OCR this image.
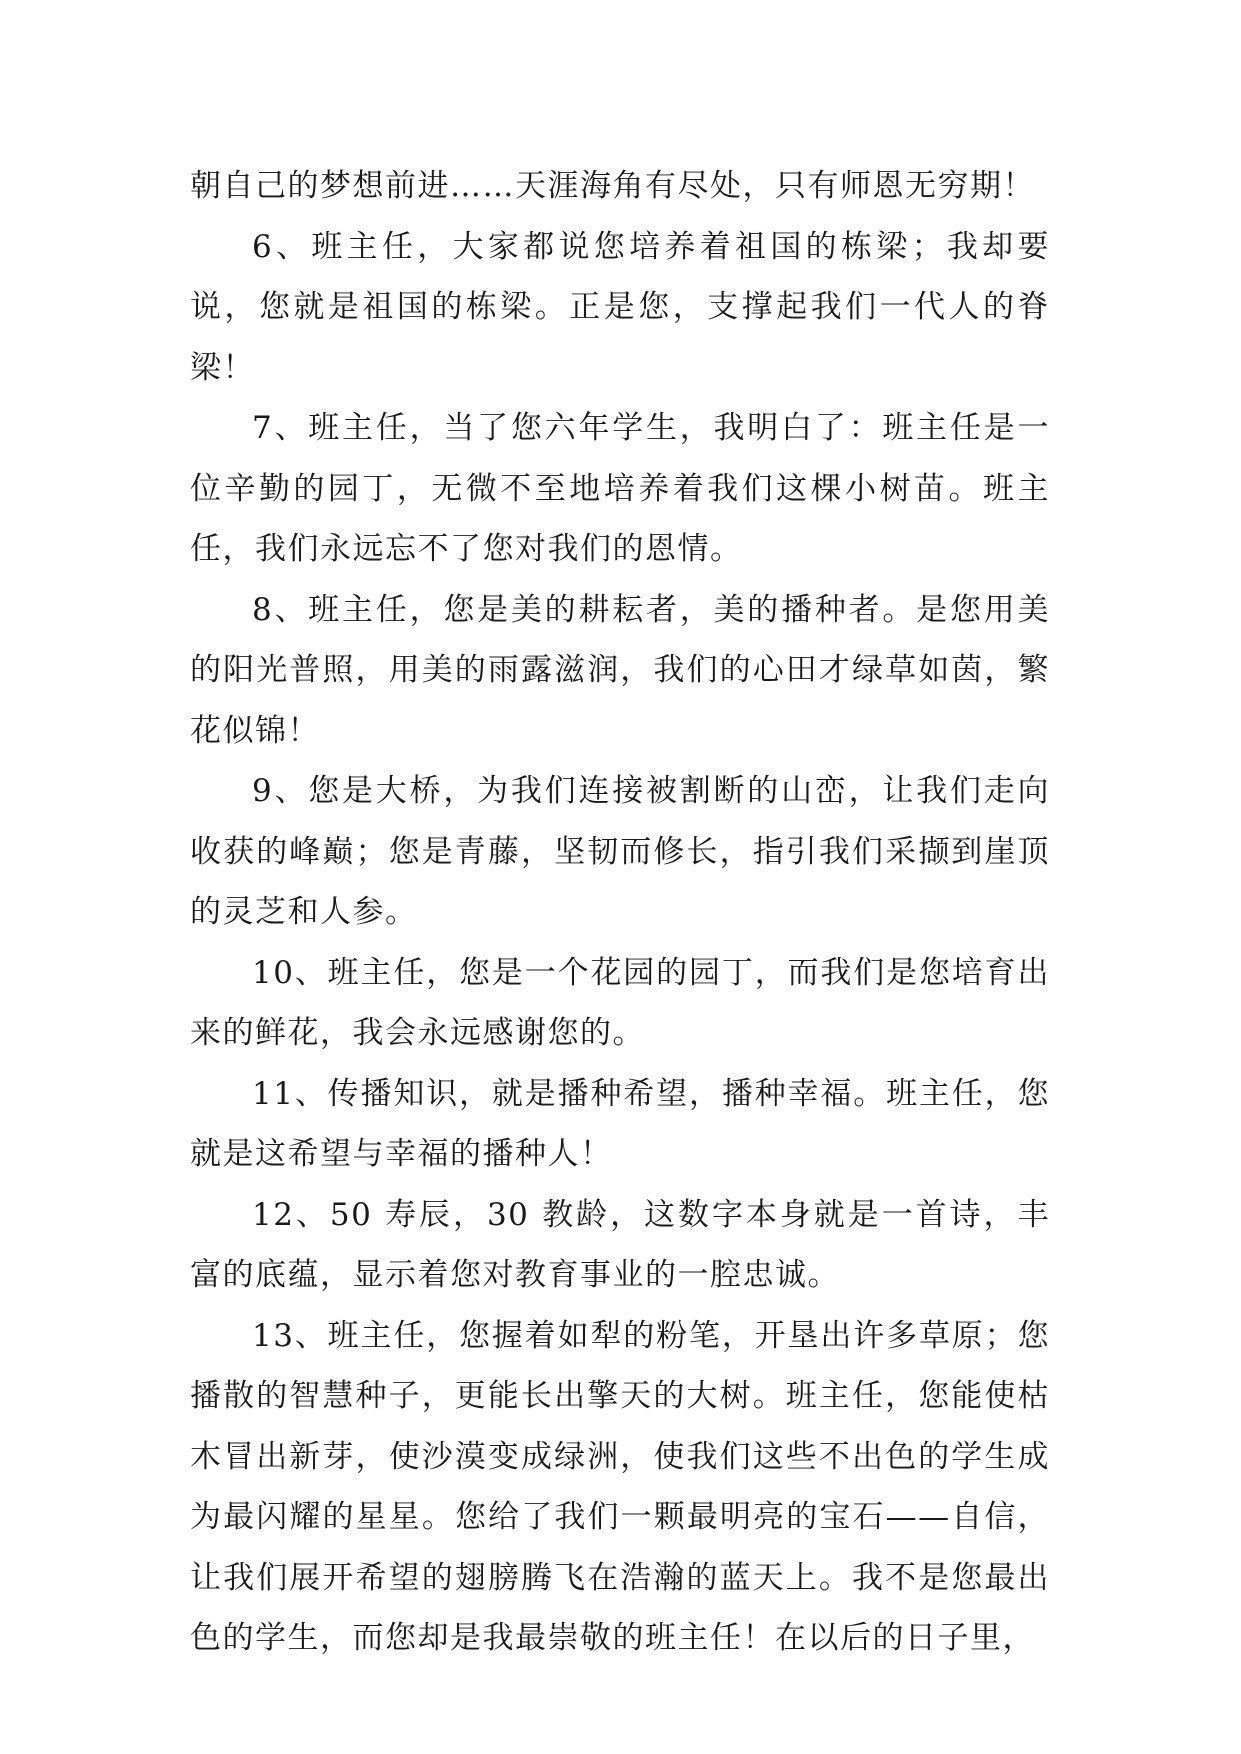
朝自己的梦想前进……天涯海角有尽处，只有师恩无穷期！

6、班主任，大家都说您培养着祖国的栋梁；我却要说，您就是祖国的栋梁。正是您，支撑起我们一代人的脊梁！

7、班主任，当了您六年学生，我明白了：班主任是一位辛勤的园丁，无微不至地培养着我们这棵小树苗。班主任，我们永远忘不了您对我们的恩情。

8、班主任，您是美的耕耘者，美的播种者。是您用美的阳光普照，用美的雨露滋润，我们的心田才绿草如茵，繁花似锦！

9、您是大桥，为我们连接被割断的山峦，让我们走向收获的峰巅；您是青藤，坚韧而修长，指引我们采撷到崖顶的灵芝和人参。

10、班主任，您是一个花园的园丁，而我们是您培育出来的鲜花，我会永远感谢您的。

11、传播知识，就是播种希望，播种幸福。班主任，您就是这希望与幸福的播种人！

12、50 寿辰，30 教龄，这数字本身就是一首诗，丰富的底蕴，显示着您对教育事业的一腔忠诚。

13、班主任，您握着如犁的粉笔，开垦出许多草原；您播散的智慧种子，更能长出擎天的大树。班主任，您能使枯木冒出新芽，使沙漠变成绿洲，使我们这些不出色的学生成为最闪耀的星星。您给了我们一颗最明亮的宝石——自信，让我们展开希望的翅膀腾飞在浩瀚的蓝天上。我不是您最出色的学生，而您却是我最崇敬的班主任！在以后的日子里，
